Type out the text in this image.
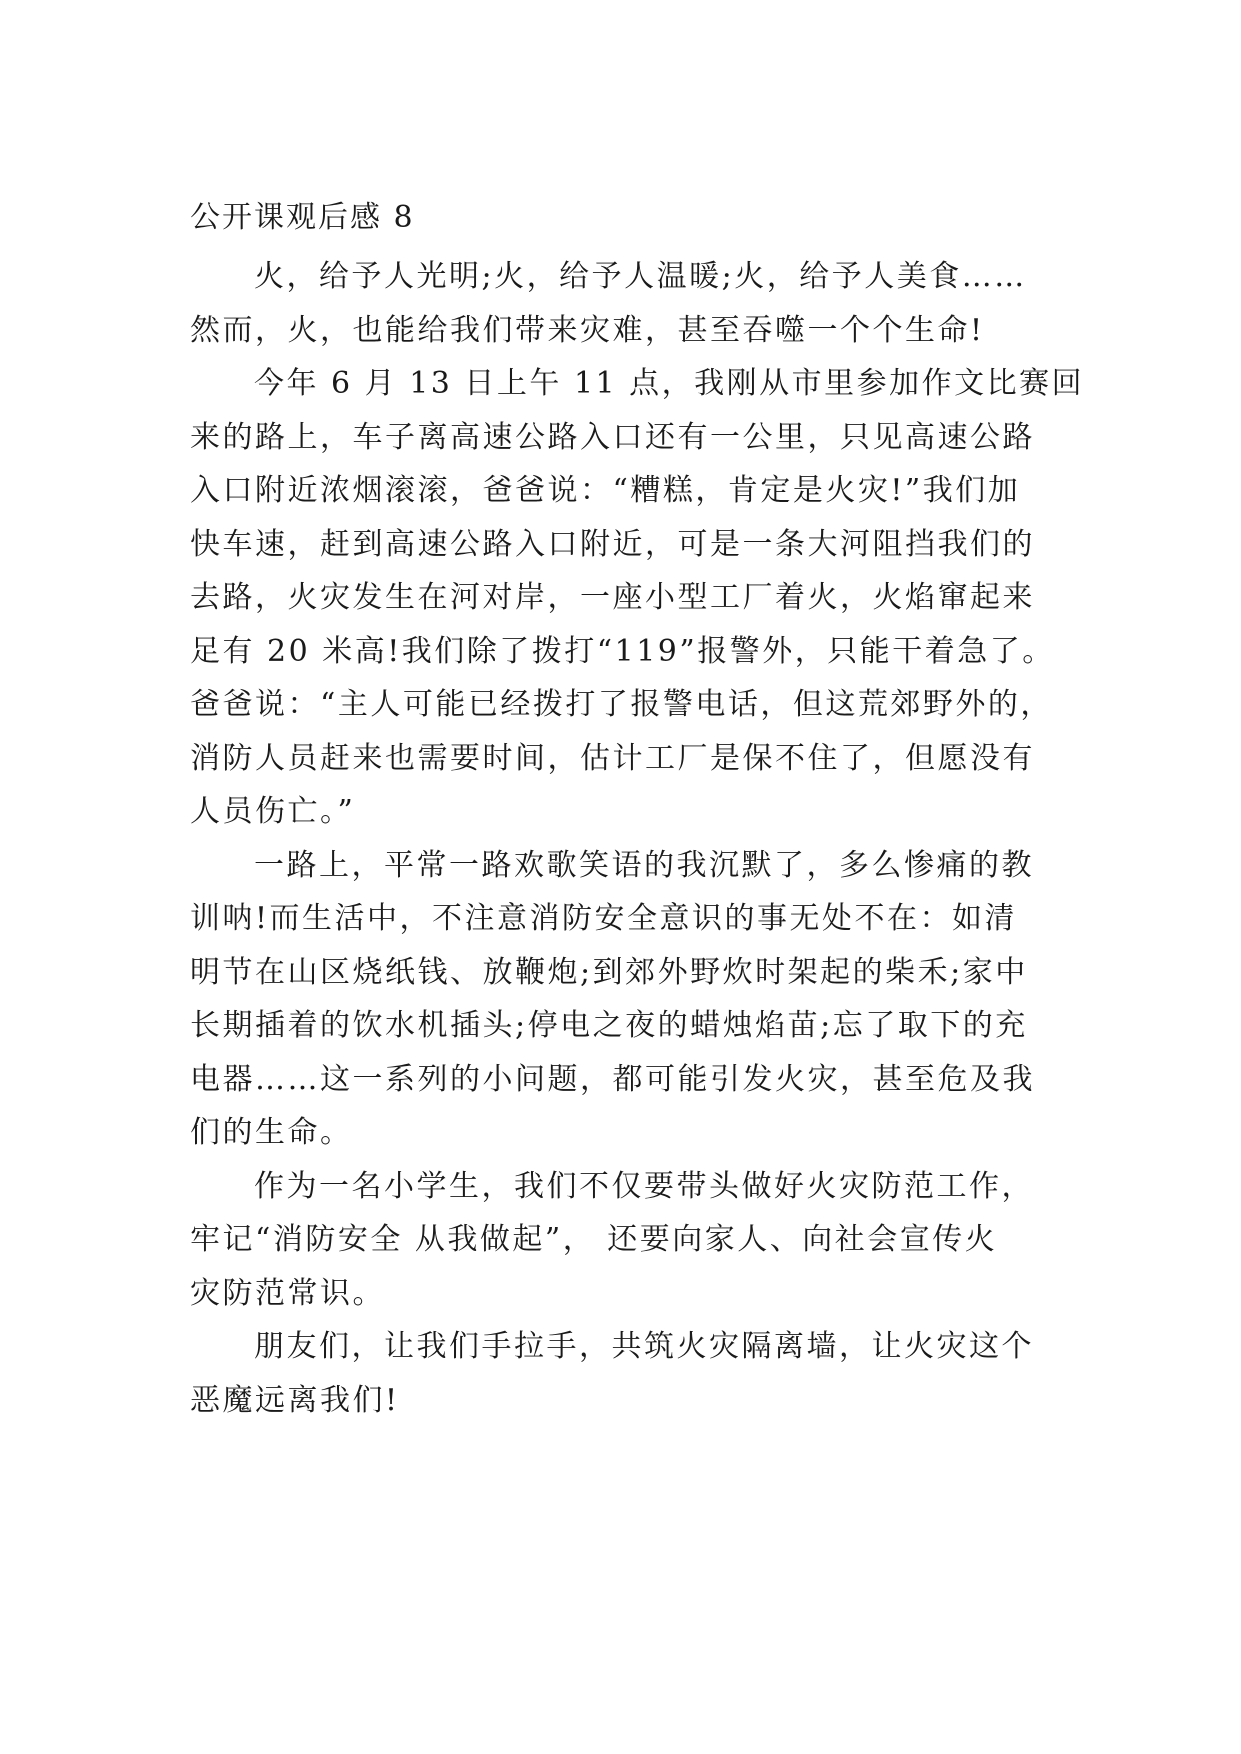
公开课观后感 8

火，给予人光明;火，给予人温暖;火，给予人美食……
然而，火，也能给我们带来灾难，甚至吞噬一个个生命!

今年 6 月 13 日上午 11 点，我刚从市里参加作文比赛回
来的路上，车子离高速公路入口还有一公里，只见高速公路
入口附近浓烟滚滚，爸爸说：“糟糕，肯定是火灾!”我们加
快车速，赶到高速公路入口附近，可是一条大河阻挡我们的
去路，火灾发生在河对岸，一座小型工厂着火，火焰窜起来
足有 20 米高!我们除了拨打“119”报警外，只能干着急了。
爸爸说：“主人可能已经拨打了报警电话，但这荒郊野外的，
消防人员赶来也需要时间，估计工厂是保不住了，但愿没有
人员伤亡。”

一路上，平常一路欢歌笑语的我沉默了，多么惨痛的教
训呐!而生活中，不注意消防安全意识的事无处不在：如清
明节在山区烧纸钱、放鞭炮;到郊外野炊时架起的柴禾;家中
长期插着的饮水机插头;停电之夜的蜡烛焰苗;忘了取下的充
电器……这一系列的小问题，都可能引发火灾，甚至危及我
们的生命。

作为一名小学生，我们不仅要带头做好火灾防范工作，
牢记“消防安全 从我做起”， 还要向家人、向社会宣传火
灾防范常识。

朋友们，让我们手拉手，共筑火灾隔离墙，让火灾这个
恶魔远离我们!
